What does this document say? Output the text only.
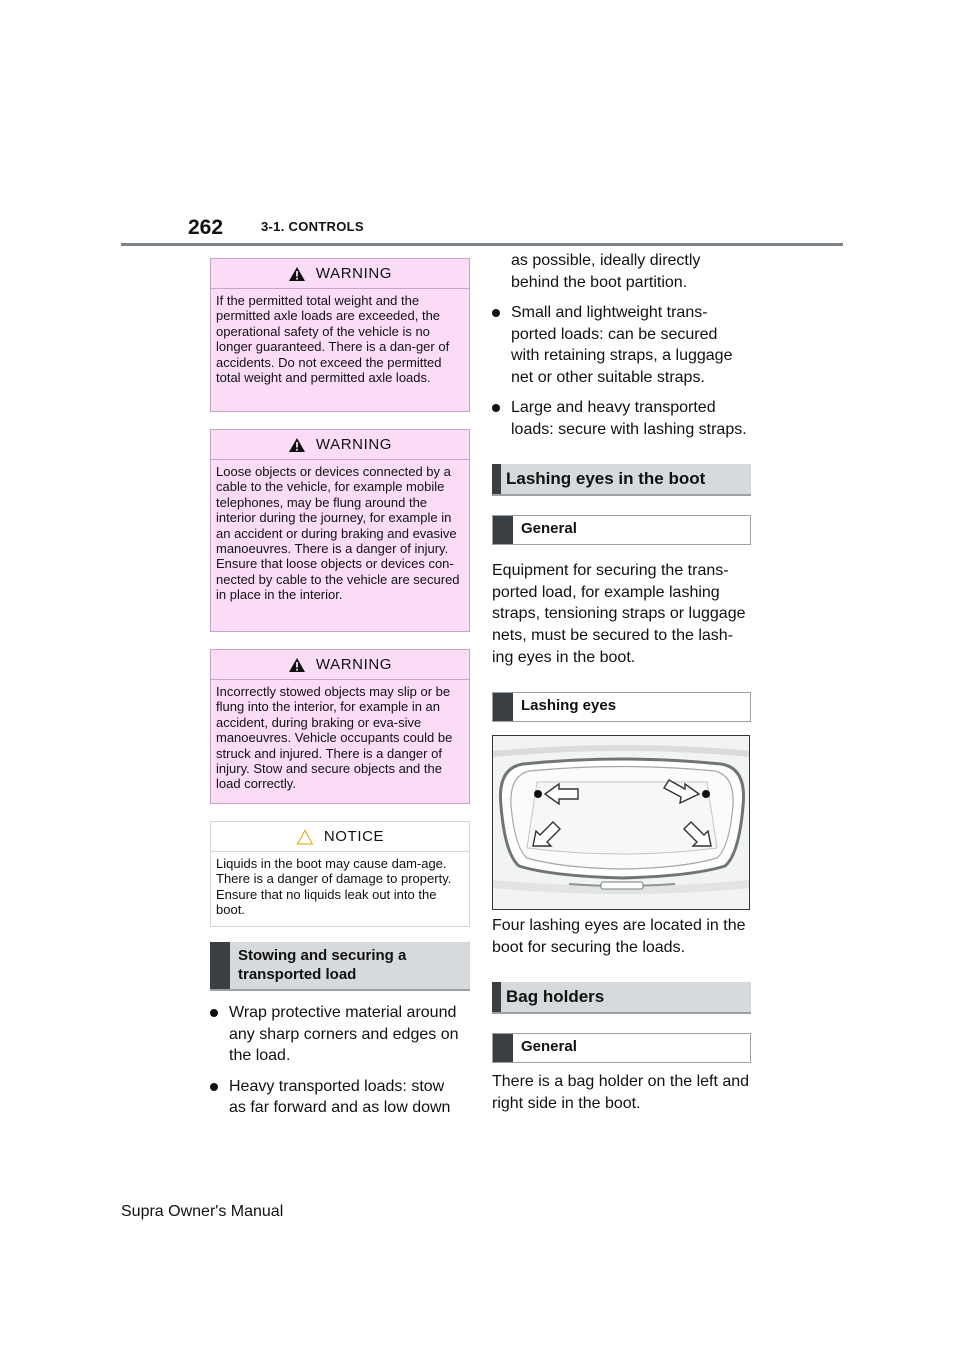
262	3-1. CONTROLS
WARNING
If the permitted total weight and the permitted axle loads are exceeded, the operational safety of the vehicle is no longer guaranteed. There is a dan-ger of accidents. Do not exceed the permitted total weight and permitted axle loads.
WARNING
Loose objects or devices connected by a cable to the vehicle, for example mobile telephones, may be flung around the interior during the journey, for example in an accident or during braking and evasive manoeuvres. There is a danger of injury. Ensure that loose objects or devices con-nected by cable to the vehicle are secured in place in the interior.
WARNING
Incorrectly stowed objects may slip or be flung into the interior, for example in an accident, during braking or eva-sive manoeuvres. Vehicle occupants could be struck and injured. There is a danger of injury. Stow and secure objects and the load correctly.
NOTICE
Liquids in the boot may cause dam-age. There is a danger of damage to property. Ensure that no liquids leak out into the boot.
Stowing and securing a transported load
Wrap protective material around any sharp corners and edges on the load.
Heavy transported loads: stow as far forward and as low down
as possible, ideally directly behind the boot partition.
Small and lightweight trans-ported loads: can be secured with retaining straps, a luggage net or other suitable straps.
Large and heavy transported loads: secure with lashing straps.
Lashing eyes in the boot
General
Equipment for securing the trans-ported load, for example lashing straps, tensioning straps or luggage nets, must be secured to the lash-ing eyes in the boot.
Lashing eyes
Four lashing eyes are located in the boot for securing the loads.
Bag holders
General
There is a bag holder on the left and right side in the boot.
Supra Owner's Manual
